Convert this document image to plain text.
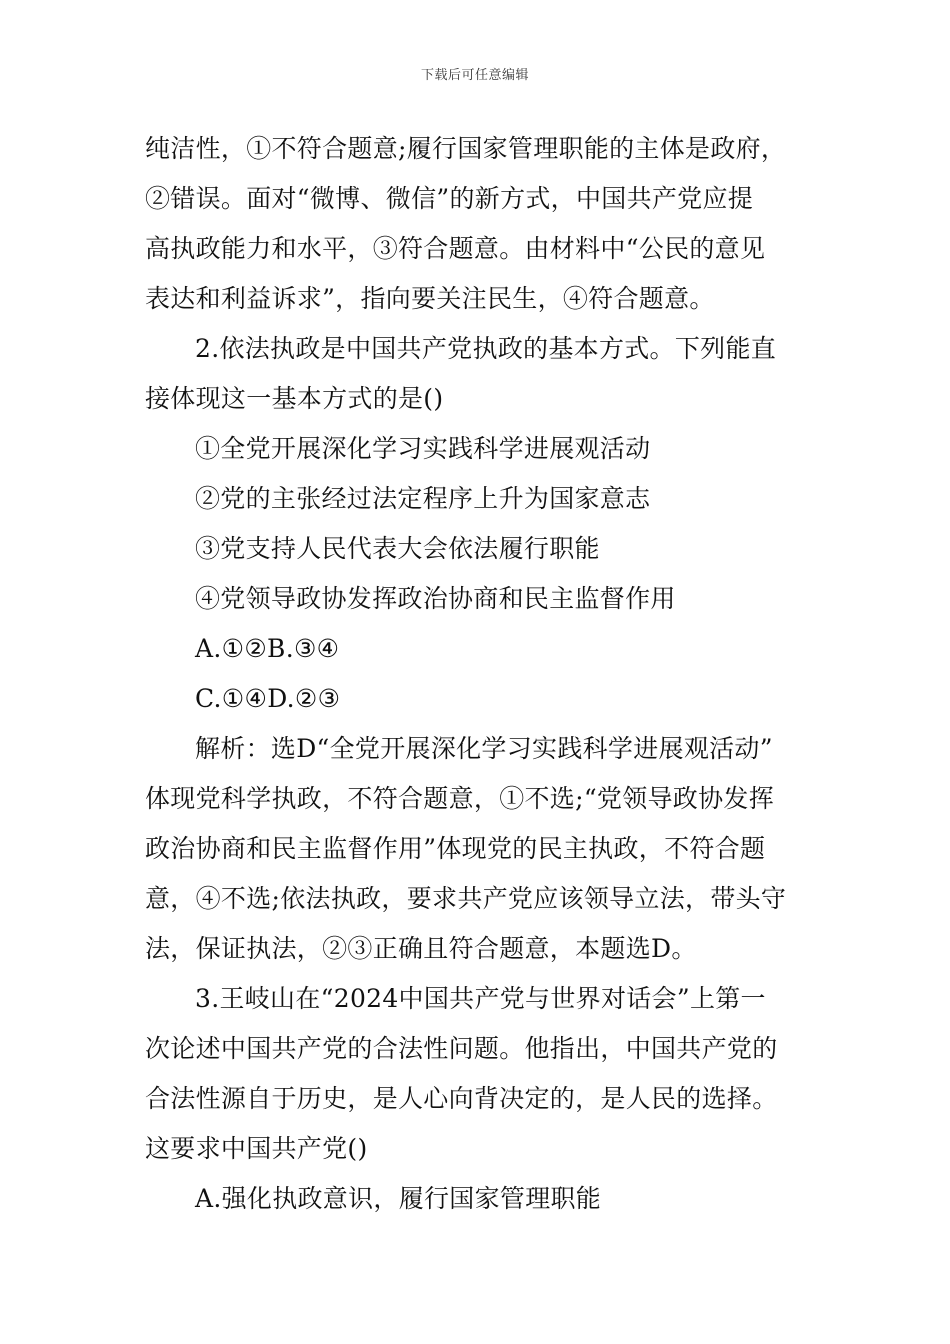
下载后可任意编辑
纯洁性，①不符合题意;履行国家管理职能的主体是政府，
②错误。面对“微博、微信”的新方式，中国共产党应提
高执政能力和水平，③符合题意。由材料中“公民的意见
表达和利益诉求”，指向要关注民生，④符合题意。
2.依法执政是中国共产党执政的基本方式。下列能直
接体现这一基本方式的是()
①全党开展深化学习实践科学进展观活动
②党的主张经过法定程序上升为国家意志
③党支持人民代表大会依法履行职能
④党领导政协发挥政治协商和民主监督作用
A.①②B.③④
C.①④D.②③
解析：选D“全党开展深化学习实践科学进展观活动”
体现党科学执政，不符合题意，①不选;“党领导政协发挥
政治协商和民主监督作用”体现党的民主执政，不符合题
意，④不选;依法执政，要求共产党应该领导立法，带头守
法，保证执法，②③正确且符合题意，本题选D。
3.王岐山在“2024中国共产党与世界对话会”上第一
次论述中国共产党的合法性问题。他指出，中国共产党的
合法性源自于历史，是人心向背决定的，是人民的选择。
这要求中国共产党()
A.强化执政意识，履行国家管理职能
